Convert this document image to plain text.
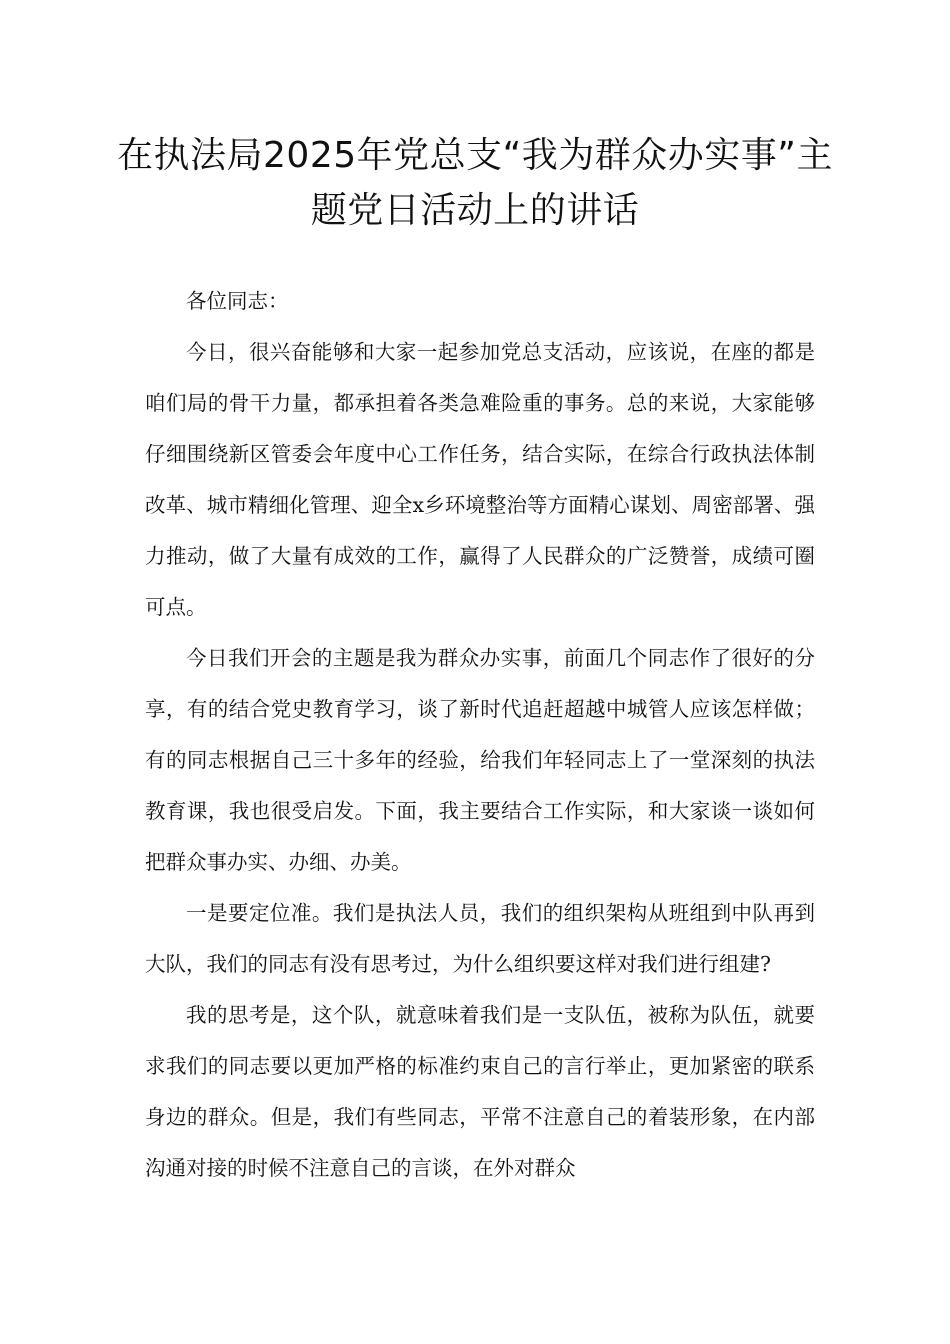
在执法局2025年党总支“我为群众办实事”主题党日活动上的讲话

各位同志：

今日，很兴奋能够和大家一起参加党总支活动，应该说，在座的都是咱们局的骨干力量，都承担着各类急难险重的事务。总的来说，大家能够仔细围绕新区管委会年度中心工作任务，结合实际，在综合行政执法体制改革、城市精细化管理、迎全x乡环境整治等方面精心谋划、周密部署、强力推动，做了大量有成效的工作，赢得了人民群众的广泛赞誉，成绩可圈可点。

今日我们开会的主题是我为群众办实事，前面几个同志作了很好的分享，有的结合党史教育学习，谈了新时代追赶超越中城管人应该怎样做；有的同志根据自己三十多年的经验，给我们年轻同志上了一堂深刻的执法教育课，我也很受启发。下面，我主要结合工作实际，和大家谈一谈如何把群众事办实、办细、办美。

一是要定位准。我们是执法人员，我们的组织架构从班组到中队再到大队，我们的同志有没有思考过，为什么组织要这样对我们进行组建?

我的思考是，这个队，就意味着我们是一支队伍，被称为队伍，就要求我们的同志要以更加严格的标准约束自己的言行举止，更加紧密的联系身边的群众。但是，我们有些同志，平常不注意自己的着装形象，在内部沟通对接的时候不注意自己的言谈，在外对群众
